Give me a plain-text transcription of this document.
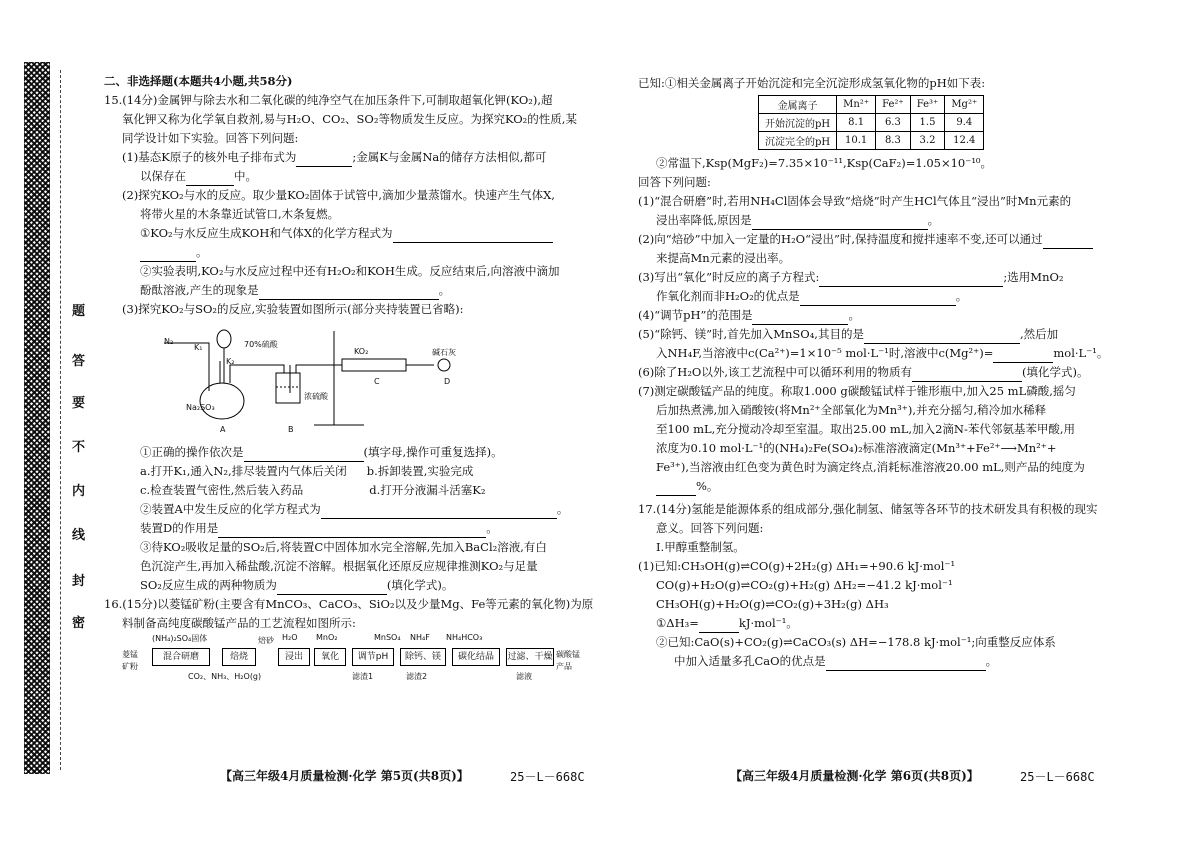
题
答
要
不
内
线
封
密

二、非选择题(本题共4小题,共58分)

15.(14分)金属钾与除去水和二氧化碳的纯净空气在加压条件下,可制取超氧化钾(KO₂),超

氧化钾又称为化学氧自救剂,易与H₂O、CO₂、SO₂等物质发生反应。为探究KO₂的性质,某

同学设计如下实验。回答下列问题:

(1)基态K原子的核外电子排布式为	;金属K与金属Na的储存方法相似,都可

以保存在	中。

(2)探究KO₂与水的反应。取少量KO₂固体于试管中,滴加少量蒸馏水。快速产生气体X,

将带火星的木条靠近试管口,木条复燃。

①KO₂与水反应生成KOH和气体X的化学方程式为

。

②实验表明,KO₂与水反应过程中还有H₂O₂和KOH生成。反应结束后,向溶液中滴加

酚酞溶液,产生的现象是	。

(3)探究KO₂与SO₂的反应,实验装置如图所示(部分夹持装置已省略):

70%硫酸
N₂
K₁
K₂
Na₂SO₃
浓硫酸
KO₂	碱石灰
A	B
C	D

①正确的操作依次是	(填字母,操作可重复选择)。

a.打开K₁,通入N₂,排尽装置内气体后关闭 b.拆卸装置,实验完成

c.检查装置气密性,然后装入药品	d.打开分液漏斗活塞K₂

②装置A中发生反应的化学方程式为	。

装置D的作用是	。

③待KO₂吸收足量的SO₂后,将装置C中固体加水完全溶解,先加入BaCl₂溶液,有白

色沉淀产生,再加入稀盐酸,沉淀不溶解。根据氧化还原反应规律推测KO₂与足量

SO₂反应生成的两种物质为	(填化学式)。

16.(15分)以菱锰矿粉(主要含有MnCO₃、CaCO₃、SiO₂以及少量Mg、Fe等元素的氧化物)为原

料制备高纯度碳酸锰产品的工艺流程如图所示:

菱锰
矿粉
(NH₄)₂SO₄固体
混合研磨	焙烧
焙砂 H₂O
浸出
MnO₂
氧化	调节pH
MnSO₄ NH₄F
除钙、镁
NH₄HCO₃
碳化结晶	过滤、干燥 碳酸锰
产品
CO₂、NH₃、H₂O(g)	滤渣1	滤渣2	滤液
【高三年级4月质量检测·化学 第5页(共8页)】	25－L－668C

已知:①相关金属离子开始沉淀和完全沉淀形成氢氧化物的pH如下表:

金属离子	Mn²⁺	Fe²⁺	Fe³⁺	Mg²⁺
开始沉淀的pH	8.1	6.3	1.5	9.4
沉淀完全的pH	10.1	8.3	3.2	12.4

②常温下,Ksp(MgF₂)=7.35×10⁻¹¹,Ksp(CaF₂)=1.05×10⁻¹⁰。

回答下列问题:

(1)“混合研磨”时,若用NH₄Cl固体会导致“焙烧”时产生HCl气体且“浸出”时Mn元素的

浸出率降低,原因是	。

(2)向“焙砂”中加入一定量的H₂O“浸出”时,保持温度和搅拌速率不变,还可以通过

来提高Mn元素的浸出率。

(3)写出“氧化”时反应的离子方程式:	;选用MnO₂

作氧化剂而非H₂O₂的优点是	。

(4)“调节pH”的范围是	。

(5)“除钙、镁”时,首先加入MnSO₄,其目的是	,然后加

入NH₄F,当溶液中c(Ca²⁺)=1×10⁻⁵ mol·L⁻¹时,溶液中c(Mg²⁺)=	mol·L⁻¹。

(6)除了H₂O以外,该工艺流程中可以循环利用的物质有	(填化学式)。

(7)测定碳酸锰产品的纯度。称取1.000 g碳酸锰试样于锥形瓶中,加入25 mL磷酸,摇匀

后加热煮沸,加入硝酸铵(将Mn²⁺全部氧化为Mn³⁺),并充分摇匀,稍冷加水稀释

至100 mL,充分搅动冷却至室温。取出25.00 mL,加入2滴N-苯代邻氨基苯甲酸,用

浓度为0.10 mol·L⁻¹的(NH₄)₂Fe(SO₄)₂标准溶液滴定(Mn³⁺+Fe²⁺⟶Mn²⁺+

Fe³⁺),当溶液由红色变为黄色时为滴定终点,消耗标准溶液20.00 mL,则产品的纯度为

%。

17.(14分)氢能是能源体系的组成部分,强化制氢、储氢等各环节的技术研发具有积极的现实

意义。回答下列问题:

Ⅰ.甲醇重整制氢。

(1)已知:CH₃OH(g)⇌CO(g)+2H₂(g) ΔH₁=+90.6 kJ·mol⁻¹

CO(g)+H₂O(g)⇌CO₂(g)+H₂(g) ΔH₂=−41.2 kJ·mol⁻¹

CH₃OH(g)+H₂O(g)⇌CO₂(g)+3H₂(g) ΔH₃

①ΔH₃=	kJ·mol⁻¹。

②已知:CaO(s)+CO₂(g)⇌CaCO₃(s) ΔH=−178.8 kJ·mol⁻¹;向重整反应体系

中加入适量多孔CaO的优点是	。

【高三年级4月质量检测·化学 第6页(共8页)】	25－L－668C
